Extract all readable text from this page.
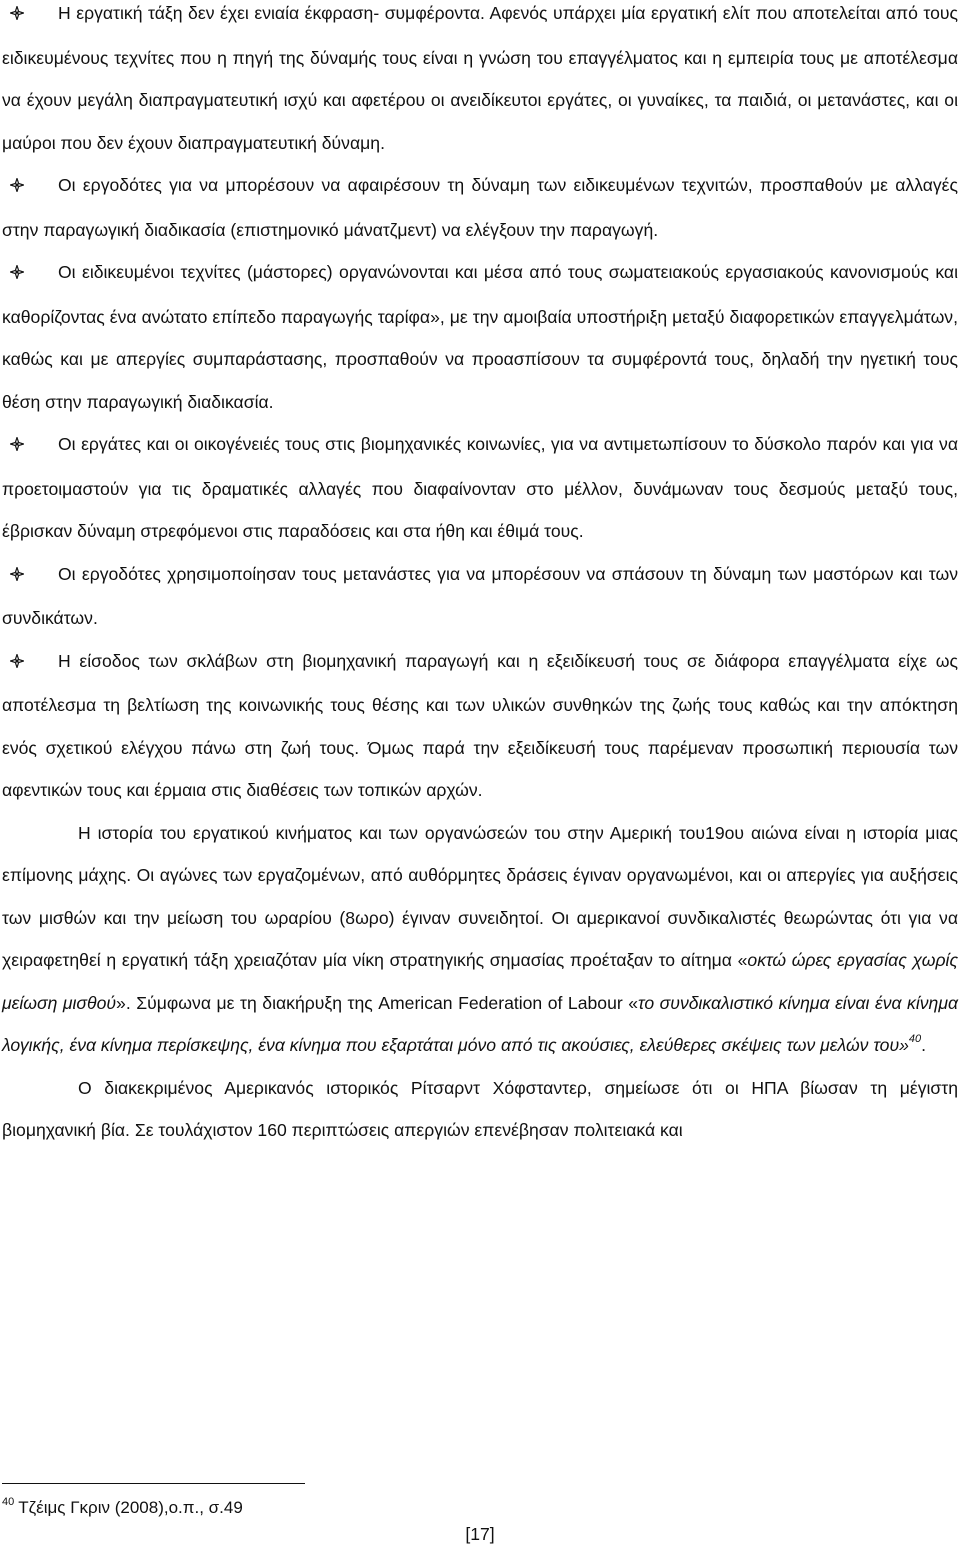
Η εργατική τάξη δεν έχει ενιαία έκφραση- συμφέροντα. Αφενός υπάρχει μία εργατική ελίτ που αποτελείται από τους ειδικευμένους τεχνίτες που η πηγή της δύναμής τους είναι η γνώση του επαγγέλματος και η εμπειρία τους με αποτέλεσμα να έχουν μεγάλη διαπραγματευτική ισχύ και αφετέρου οι ανειδίκευτοι εργάτες, οι γυναίκες, τα παιδιά, οι μετανάστες, και οι μαύροι που δεν έχουν διαπραγματευτική δύναμη.

Οι εργοδότες για να μπορέσουν να αφαιρέσουν τη δύναμη των ειδικευμένων τεχνιτών, προσπαθούν με αλλαγές στην παραγωγική διαδικασία (επιστημονικό μάνατζμεντ) να ελέγξουν την παραγωγή.

Οι ειδικευμένοι τεχνίτες (μάστορες) οργανώνονται και μέσα από τους σωματειακούς εργασιακούς κανονισμούς και καθορίζοντας ένα ανώτατο επίπεδο παραγωγής ταρίφα», με την αμοιβαία υποστήριξη μεταξύ διαφορετικών επαγγελμάτων, καθώς και με απεργίες συμπαράστασης, προσπαθούν να προασπίσουν τα συμφέροντά τους, δηλαδή την ηγετική τους θέση στην παραγωγική διαδικασία.

Οι εργάτες και οι οικογένειές τους στις βιομηχανικές κοινωνίες, για να αντιμετωπίσουν το δύσκολο παρόν και για να προετοιμαστούν για τις δραματικές αλλαγές που διαφαίνονταν στο μέλλον, δυνάμωναν τους δεσμούς μεταξύ τους, έβρισκαν δύναμη στρεφόμενοι στις παραδόσεις και στα ήθη και έθιμά τους.

Οι εργοδότες χρησιμοποίησαν τους μετανάστες για να μπορέσουν να σπάσουν τη δύναμη των μαστόρων και των συνδικάτων.

Η είσοδος των σκλάβων στη βιομηχανική παραγωγή και η εξειδίκευσή τους σε διάφορα επαγγέλματα είχε ως αποτέλεσμα τη βελτίωση της κοινωνικής τους θέσης και των υλικών συνθηκών της ζωής τους καθώς και την απόκτηση ενός σχετικού ελέγχου πάνω στη ζωή τους. Όμως παρά την εξειδίκευσή τους παρέμεναν προσωπική περιουσία των αφεντικών τους και έρμαια στις διαθέσεις των τοπικών αρχών.

Η ιστορία του εργατικού κινήματος και των οργανώσεών του στην Αμερική του19ου αιώνα είναι η ιστορία μιας επίμονης μάχης. Οι αγώνες των εργαζομένων, από αυθόρμητες δράσεις έγιναν οργανωμένοι, και οι απεργίες για αυξήσεις των μισθών και την μείωση του ωραρίου (8ωρο) έγιναν συνειδητοί. Οι αμερικανοί συνδικαλιστές θεωρώντας ότι για να χειραφετηθεί η εργατική τάξη χρειαζόταν μία νίκη στρατηγικής σημασίας προέταξαν το αίτημα «οκτώ ώρες εργασίας χωρίς μείωση μισθού». Σύμφωνα με τη διακήρυξη της American Federation of Labour «το συνδικαλιστικό κίνημα είναι ένα κίνημα λογικής, ένα κίνημα περίσκεψης, ένα κίνημα που εξαρτάται μόνο από τις ακούσιες, ελεύθερες σκέψεις των μελών του»$^{40}$.

Ο διακεκριμένος Αμερικανός ιστορικός Ρίτσαρντ Χόφσταντερ, σημείωσε ότι οι ΗΠΑ βίωσαν τη μέγιστη βιομηχανική βία. Σε τουλάχιστον 160 περιπτώσεις απεργιών επενέβησαν πολιτειακά και

$^{40}$ Τζέιμς Γκριν (2008),ο.π., σ.49
[17]
